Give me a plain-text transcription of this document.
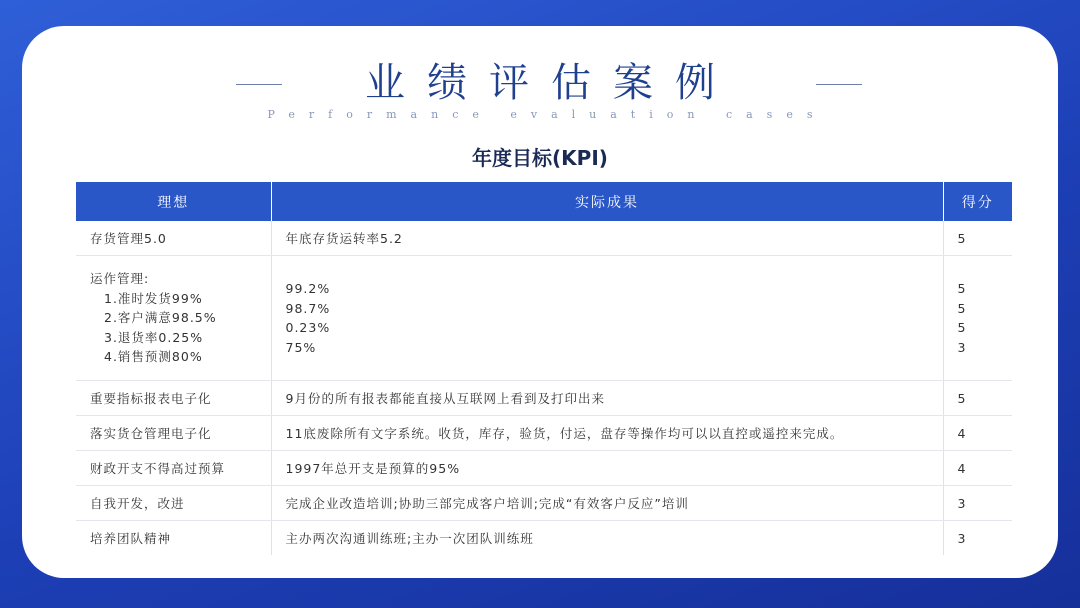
业绩评估案例
Performance evaluation cases
年度目标(KPI)
理想	实际成果	得分
存货管理5.0	年底存货运转率5.2	5

运作管理:
1.准时发货99%
2.客户满意98.5%
3.退货率0.25%
4.销售预测80%	99.2%
98.7%
0.23%
75%	5
5
5
3

重要指标报表电子化	9月份的所有报表都能直接从互联网上看到及打印出来	5
落实货仓管理电子化	11底废除所有文字系统。收货，库存，验货，付运，盘存等操作均可以以直控或遥控来完成。	4
财政开支不得高过预算	1997年总开支是预算的95%	4
自我开发，改进	完成企业改造培训;协助三部完成客户培训;完成“有效客户反应”培训	3
培养团队精神	主办两次沟通训练班;主办一次团队训练班	3
